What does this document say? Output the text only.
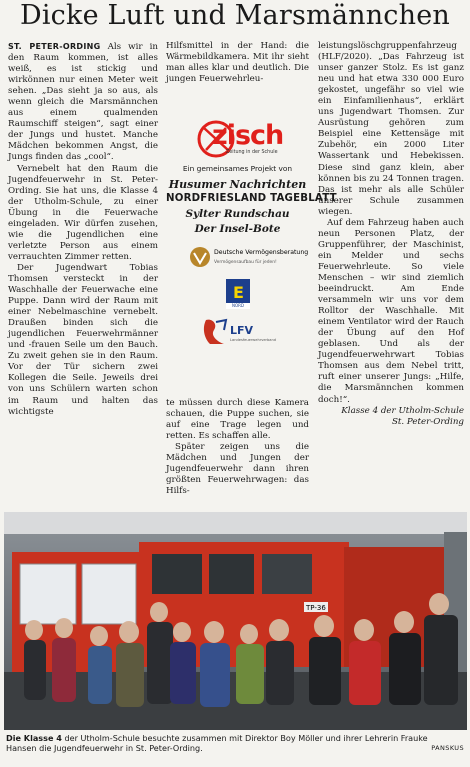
Dicke Luft und Marsmännchen

ST. PETER-ORDING Als wir in den Raum kommen, ist alles weiß, es ist stickig und wirkönnen nur einen Meter weit sehen. „Das sieht ja so aus, als wenn gleich die Marsmännchen aus einem qualmenden Raumschiff steigen“, sagt einer der Jungs und hustet. Manche Mädchen bekommen Angst, die Jungs finden das „cool“.

Vernebelt hat den Raum die Jugendfeuerwehr in St. Peter-Ording. Sie hat uns, die Klasse 4 der Utholm-Schule, zu einer Übung in die Feuerwache eingeladen. Wir dürfen zusehen, wie die Jugendlichen eine verletzte Person aus einem verrauchten Zimmer retten.

Der Jugendwart Tobias Thomsen versteckt in der Waschhalle der Feuerwache eine Puppe. Dann wird der Raum mit einer Nebelmaschine vernebelt. Draußen binden sich die jugendlichen Feuerwehrmänner und -frauen Seile um den Bauch. Zu zweit gehen sie in den Raum. Vor der Tür sichern zwei Kollegen die Seile. Jeweils drei von uns Schülern warten schon im Raum und halten das wichtigste

Hilfsmittel in der Hand: die Wärmebildkamera. Mit ihr sieht man alles klar und deutlich. Die jungen Feuerwehrleu-

zisch
Zeitung in der Schule
Ein gemeinsames Projekt von
Husumer Nachrichten
NORDFRIESLAND TAGEBLATT
Sylter Rundschau
Der Insel-Bote
Deutsche Vermögensberatung
Vermögensaufbau für jeden!
E
NORD
LFV
Landesfeuerwehrverband

te müssen durch diese Kamera schauen, die Puppe suchen, sie auf eine Trage legen und retten. Es schaffen alle.

Später zeigen uns die Mädchen und Jungen der Jugendfeuerwehr dann ihren größten Feuerwehrwagen: das Hilfs-

leistungslöschgruppenfahrzeug (HLF/2020). „Das Fahrzeug ist unser ganzer Stolz. Es ist ganz neu und hat etwa 330 000 Euro gekostet, ungefähr so viel wie ein Einfamilienhaus“, erklärt uns Jugendwart Thomsen. Zur Ausrüstung gehören zum Beispiel eine Kettensäge mit Zubehör, ein 2000 Liter Wassertank und Hebekissen. Diese sind ganz klein, aber können bis zu 24 Tonnen tragen. Das ist mehr als alle Schüler unserer Schule zusammen wiegen.

Auf dem Fahrzeug haben auch neun Personen Platz, der Gruppenführer, der Maschinist, ein Melder und sechs Feuerwehrleute. So viele Menschen – wir sind ziemlich beeindruckt. Am Ende versammeln wir uns vor dem Rolltor der Waschhalle. Mit einem Ventilator wird der Rauch der Übung auf den Hof geblasen. Und als der Jugendfeuerwehrwart Tobias Thomsen aus dem Nebel tritt, ruft einer unserer Jungs: „Hilfe, die Marsmännchen kommen doch!“.

Klasse 4 der Utholm-Schule

St. Peter-Ording

TP-36
Die Klasse 4 der Utholm-Schule besuchte zusammen mit Direktor Boy Möller und ihrer Lehrerin Frauke Hansen die Jugendfeuerwehr in St. Peter-Ording.	PANSKUS
